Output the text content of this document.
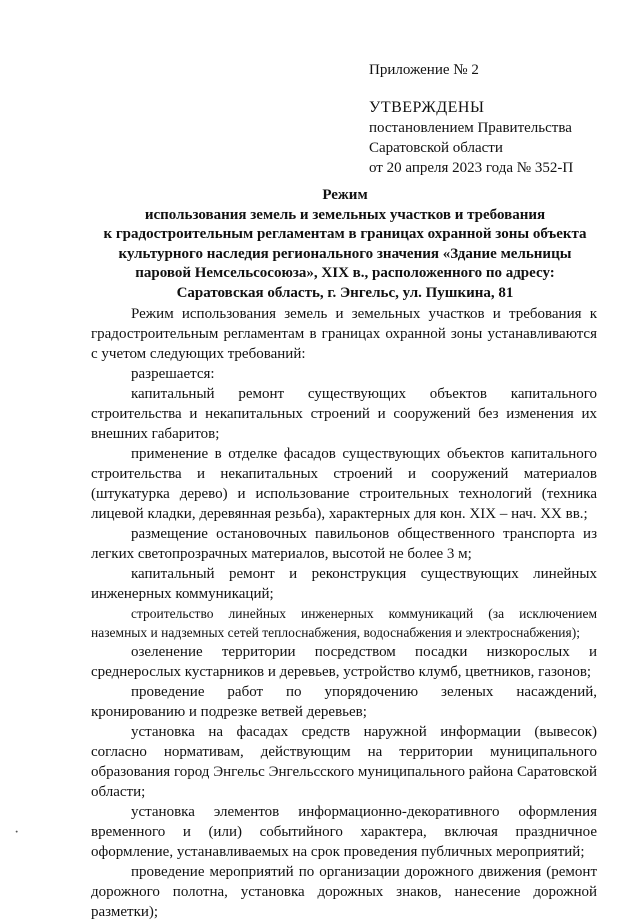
Приложение № 2
УТВЕРЖДЕНЫ
постановлением Правительства
Саратовской области
от 20 апреля 2023 года № 352-П
Режим
использования земель и земельных участков и требования
к градостроительным регламентам в границах охранной зоны объекта
культурного наследия регионального значения «Здание мельницы
паровой Немсельсосоюза», XIX в., расположенного по адресу:
Саратовская область, г. Энгельс, ул. Пушкина, 81

Режим использования земель и земельных участков и требования к градостроительным регламентам в границах охранной зоны устанавливаются с учетом следующих требований:

разрешается:

капитальный ремонт существующих объектов капитального строительства и некапитальных строений и сооружений без изменения их внешних габаритов;

применение в отделке фасадов существующих объектов капитального строительства и некапитальных строений и сооружений материалов (штукатурка дерево) и использование строительных технологий (техника лицевой кладки, деревянная резьба), характерных для кон. XIX – нач. XX вв.;

размещение остановочных павильонов общественного транспорта из легких светопрозрачных материалов, высотой не более 3 м;

капитальный ремонт и реконструкция существующих линейных инженерных коммуникаций;

строительство линейных инженерных коммуникаций (за исключением наземных и надземных сетей теплоснабжения, водоснабжения и электроснабжения);

озеленение территории посредством посадки низкорослых и среднерослых кустарников и деревьев, устройство клумб, цветников, газонов;

проведение работ по упорядочению зеленых насаждений, кронированию и подрезке ветвей деревьев;

установка на фасадах средств наружной информации (вывесок) согласно нормативам, действующим на территории муниципального образования город Энгельс Энгельсского муниципального района Саратовской области;

установка элементов информационно-декоративного оформления временного и (или) событийного характера, включая праздничное оформление, устанавливаемых на срок проведения публичных мероприятий;

проведение мероприятий по организации дорожного движения (ремонт дорожного полотна, установка дорожных знаков, нанесение дорожной разметки);

·
